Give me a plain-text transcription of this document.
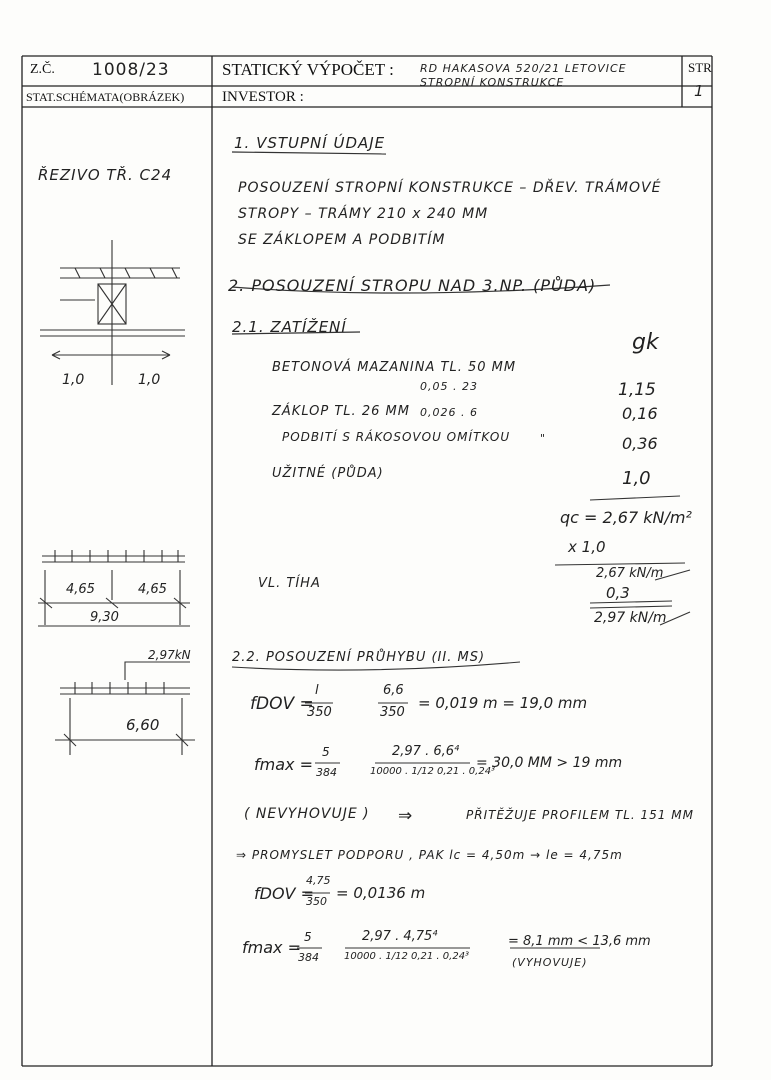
Z.Č. 1008/23	STATICKÝ VÝPOČET : RD HAKASOVA 520/21 LETOVICE
STROPNÍ KONSTRUKCE
STR
1
STAT.SCHÉMATA(OBRÁZEK)	INVESTOR :
ŘEZIVO TŘ. C24
1,0	1,0
4,65	4,65
9,30
2,97kN
6,60
1. VSTUPNÍ ÚDAJE
POSOUZENÍ STROPNÍ KONSTRUKCE – DŘEV. TRÁMOVÉ
STROPY – TRÁMY 210 x 240 MM
SE ZÁKLOPEM A PODBITÍM
2. POSOUZENÍ STROPU NAD 3.NP. (PŮDA)
2.1. ZATÍŽENÍ
gk
BETONOVÁ MAZANINA TL. 50 MM
0,05 . 23	1,15
ZÁKLOP TL. 26 MM 0,026 . 6	0,16
PODBITÍ S RÁKOSOVOU OMÍTKOU	"	0,36
UŽITNÉ (PŮDA)	1,0
qc = 2,67 kN/m²
x 1,0
2,67 kN/m
VL. TÍHA
0,3
2,97 kN/m
2.2. POSOUZENÍ PRŮHYBU (II. MS)
fDOV =
l
350
6,6
350
= 0,019 m = 19,0 mm
fmax =
5
384
2,97 . 6,6⁴
10000 . 1/12 0,21 . 0,24³
= 30,0 MM > 19 mm
( NEVYHOVUJE ) ⇒	PŘITĚŽUJE PROFILEM TL. 151 MM
⇒ PROMYSLET PODPORU , PAK lc = 4,50m → le = 4,75m
fDOV =
4,75
350 = 0,0136 m
fmax =
5
384
2,97 . 4,75⁴
10000 . 1/12 0,21 . 0,24³
= 8,1 mm < 13,6 mm
(VYHOVUJE)
